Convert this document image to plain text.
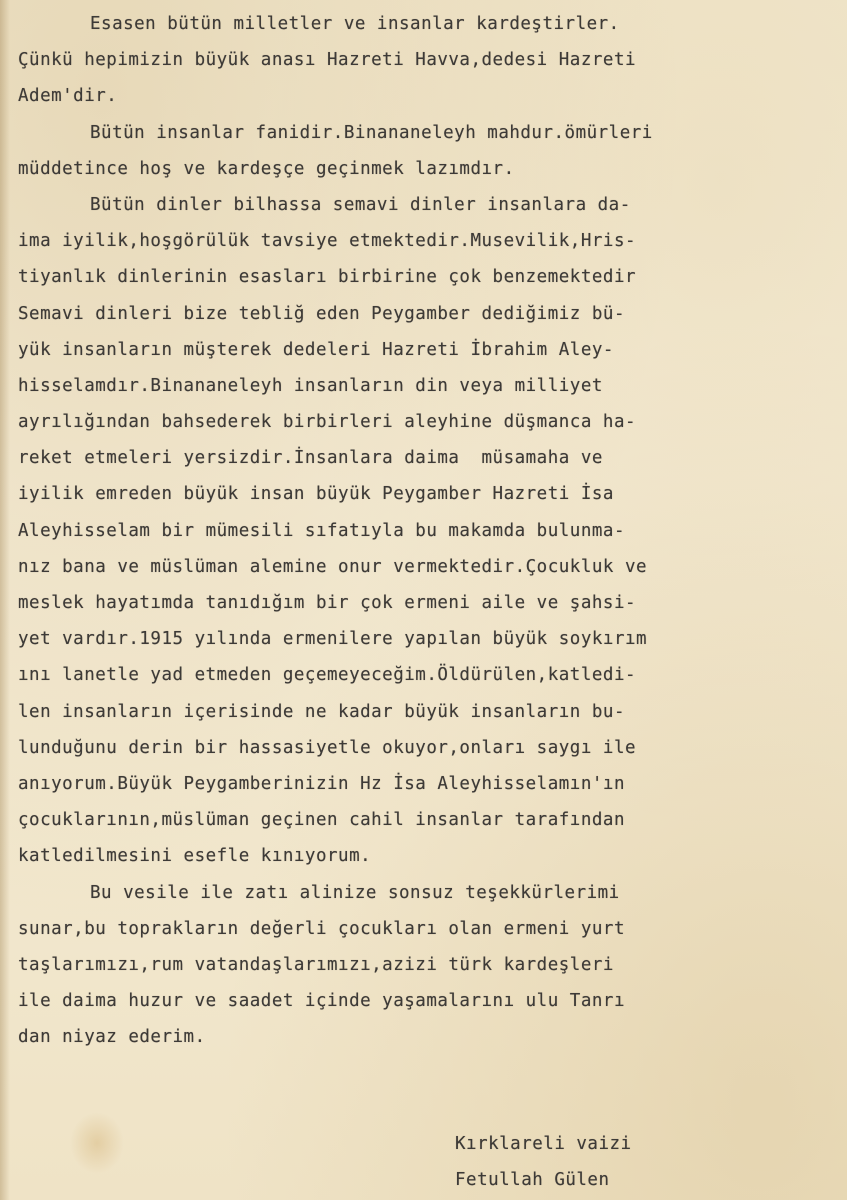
Esasen bütün milletler ve insanlar kardeştirler.
Çünkü hepimizin büyük anası Hazreti Havva,dedesi Hazreti
Adem'dir.
Bütün insanlar fanidir.Binananeleyh mahdur.ömürleri
müddetince hoş ve kardeşçe geçinmek lazımdır.
Bütün dinler bilhassa semavi dinler insanlara da-
ima iyilik,hoşgörülük tavsiye etmektedir.Musevilik,Hris-
tiyanlık dinlerinin esasları birbirine çok benzemektedir
Semavi dinleri bize tebliğ eden Peygamber dediğimiz bü-
yük insanların müşterek dedeleri Hazreti İbrahim Aley-
hisselamdır.Binananeleyh insanların din veya milliyet
ayrılığından bahsederek birbirleri aleyhine düşmanca ha-
reket etmeleri yersizdir.İnsanlara daima  müsamaha ve
iyilik emreden büyük insan büyük Peygamber Hazreti İsa
Aleyhisselam bir mümesili sıfatıyla bu makamda bulunma-
nız bana ve müslüman alemine onur vermektedir.Çocukluk ve
meslek hayatımda tanıdığım bir çok ermeni aile ve şahsi-
yet vardır.1915 yılında ermenilere yapılan büyük soykırım
ını lanetle yad etmeden geçemeyeceğim.Öldürülen,katledi-
len insanların içerisinde ne kadar büyük insanların bu-
lunduğunu derin bir hassasiyetle okuyor,onları saygı ile
anıyorum.Büyük Peygamberinizin Hz İsa Aleyhisselamın'ın
çocuklarının,müslüman geçinen cahil insanlar tarafından
katledilmesini esefle kınıyorum.
Bu vesile ile zatı alinize sonsuz teşekkürlerimi
sunar,bu toprakların değerli çocukları olan ermeni yurt
taşlarımızı,rum vatandaşlarımızı,azizi türk kardeşleri
ile daima huzur ve saadet içinde yaşamalarını ulu Tanrı
dan niyaz ederim.
Kırklareli vaizi
Fetullah Gülen
